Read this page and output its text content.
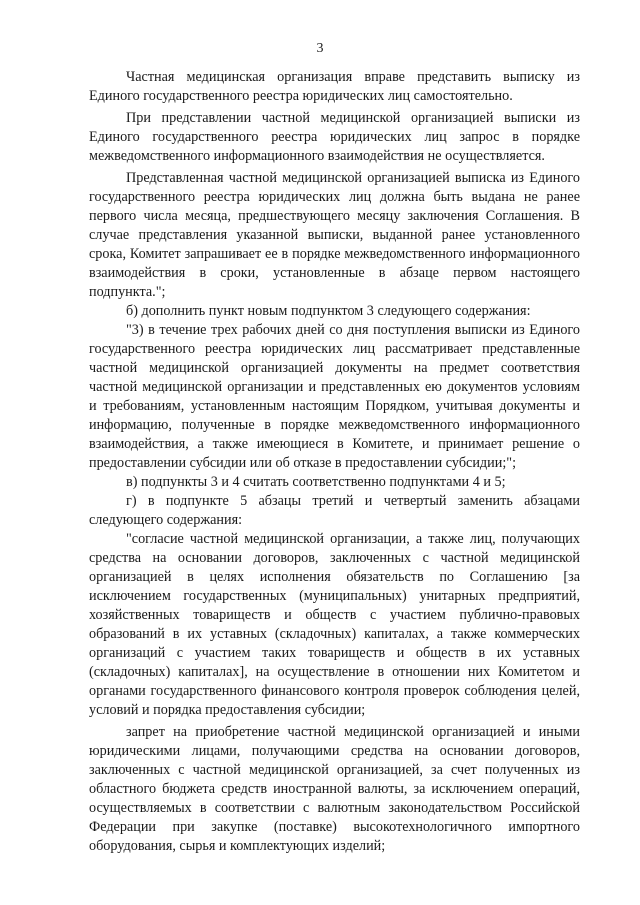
3

Частная медицинская организация вправе представить выписку из Единого государственного реестра юридических лиц самостоятельно.

При представлении частной медицинской организацией выписки из Единого государственного реестра юридических лиц запрос в порядке межведомственного информационного взаимодействия не осуществляется.

Представленная частной медицинской организацией выписка из Единого государственного реестра юридических лиц должна быть выдана не ранее первого числа месяца, предшествующего месяцу заключения Соглашения. В случае представления указанной выписки, выданной ранее установленного срока, Комитет запрашивает ее в порядке межведомственного информационного взаимодействия в сроки, установленные в абзаце первом настоящего подпункта.";

б) дополнить пункт новым подпунктом 3 следующего содержания:

"3) в течение трех рабочих дней со дня поступления выписки из Единого государственного реестра юридических лиц рассматривает представленные частной медицинской организацией документы на предмет соответствия частной медицинской организации и представленных ею документов условиям и требованиям, установленным настоящим Порядком, учитывая документы и информацию, полученные в порядке межведомственного информационного взаимодействия, а также имеющиеся в Комитете, и принимает решение о предоставлении субсидии или об отказе в предоставлении субсидии;";

в) подпункты 3 и 4 считать соответственно подпунктами 4 и 5;

г) в подпункте 5 абзацы третий и четвертый заменить абзацами следующего содержания:

"согласие частной медицинской организации, а также лиц, получающих средства на основании договоров, заключенных с частной медицинской организацией в целях исполнения обязательств по Соглашению [за исключением государственных (муниципальных) унитарных предприятий, хозяйственных товариществ и обществ с участием публично-правовых образований в их уставных (складочных) капиталах, а также коммерческих организаций с участием таких товариществ и обществ в их уставных (складочных) капиталах], на осуществление в отношении них Комитетом и органами государственного финансового контроля проверок соблюдения целей, условий и порядка предоставления субсидии;

запрет на приобретение частной медицинской организацией и иными юридическими лицами, получающими средства на основании договоров, заключенных с частной медицинской организацией, за счет полученных из областного бюджета средств иностранной валюты, за исключением операций, осуществляемых в соответствии с валютным законодательством Российской Федерации при закупке (поставке) высокотехнологичного импортного оборудования, сырья и комплектующих изделий;
